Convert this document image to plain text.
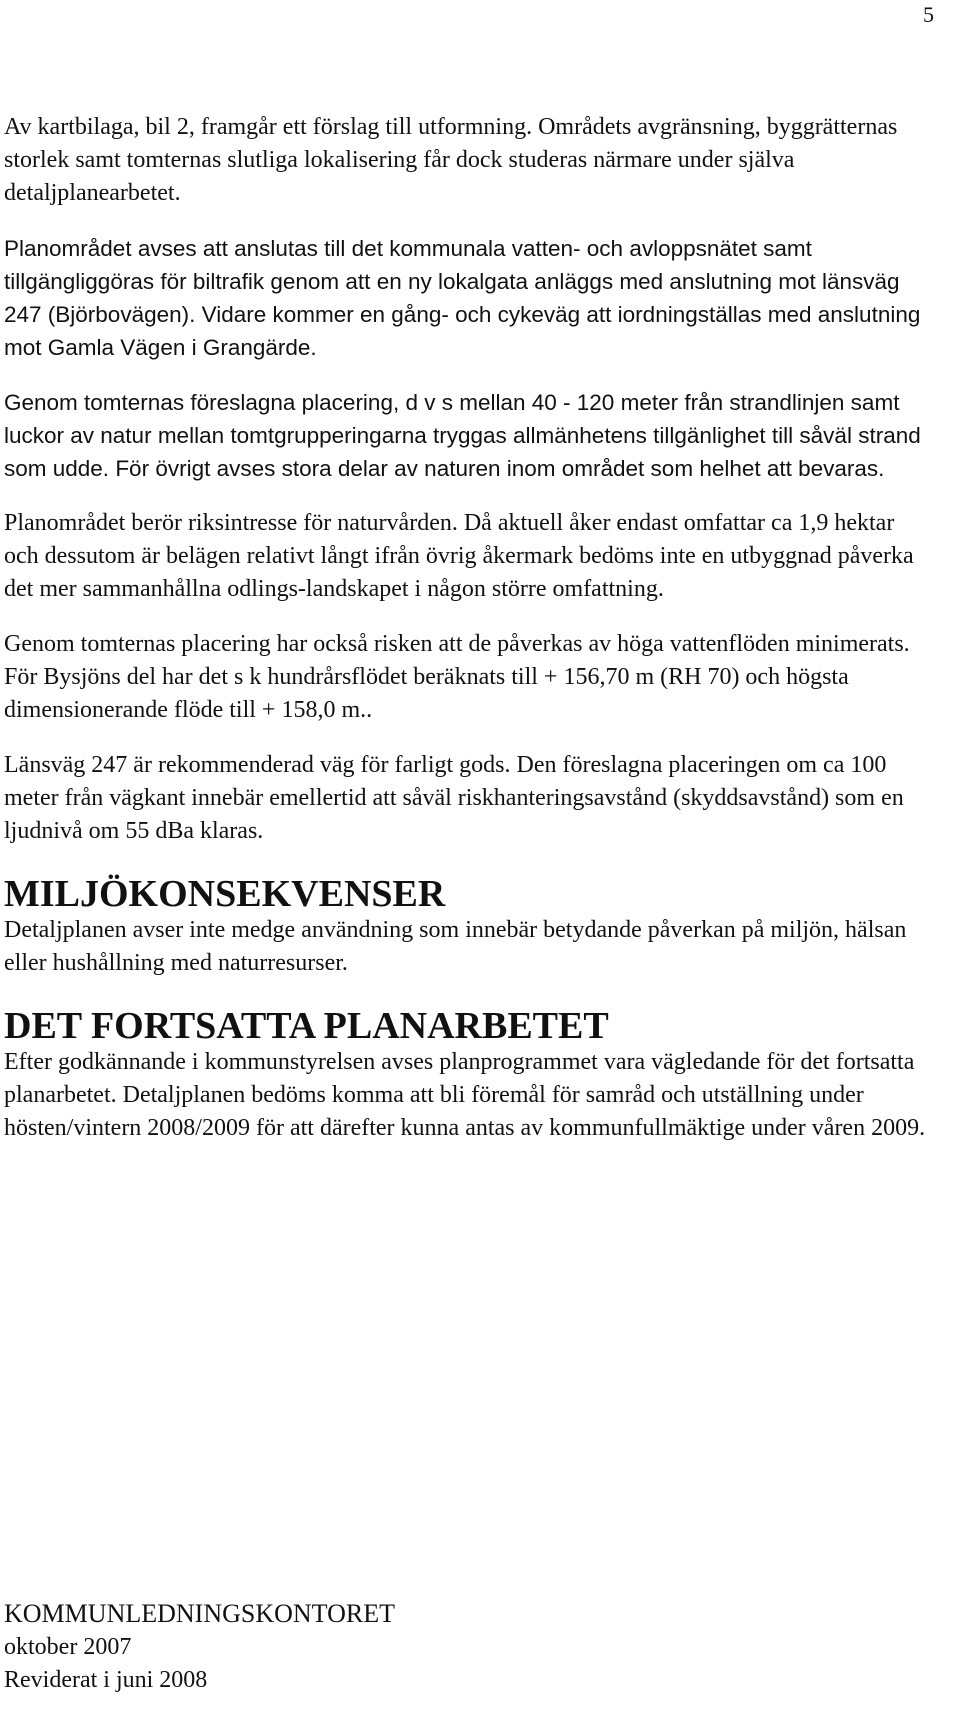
5

Av kartbilaga, bil 2, framgår ett förslag till utformning. Områdets avgränsning, byggrätternas storlek samt tomternas slutliga lokalisering får dock studeras närmare under själva detaljplanearbetet.

Planområdet avses att anslutas till det kommunala vatten- och avloppsnätet samt tillgängliggöras för biltrafik genom att en ny lokalgata anläggs med anslutning mot länsväg 247 (Björbovägen). Vidare kommer en gång- och cykeväg att iordningställas med anslutning mot Gamla Vägen i Grangärde.

Genom tomternas föreslagna placering, d v s mellan 40 - 120 meter från strandlinjen samt luckor av natur mellan tomtgrupperingarna tryggas allmänhetens tillgänlighet till såväl strand som udde. För övrigt avses stora delar av naturen inom området som helhet att bevaras.

Planområdet berör riksintresse för naturvården. Då aktuell åker endast omfattar ca 1,9 hektar och dessutom är belägen relativt långt ifrån övrig åkermark bedöms inte en utbyggnad påverka det mer sammanhållna odlings-landskapet i någon större omfattning.

Genom tomternas placering har också risken att de påverkas av höga vattenflöden minimerats. För Bysjöns del har det s k hundrårsflödet beräknats till + 156,70 m (RH 70) och högsta dimensionerande flöde till + 158,0 m..

Länsväg 247 är rekommenderad väg för farligt gods. Den föreslagna placeringen om ca 100 meter från vägkant innebär emellertid att såväl riskhanteringsavstånd (skyddsavstånd) som en ljudnivå om 55 dBa klaras.

MILJÖKONSEKVENSER

Detaljplanen avser inte medge användning som innebär betydande påverkan på miljön, hälsan eller hushållning med naturresurser.

DET FORTSATTA PLANARBETET

Efter godkännande i kommunstyrelsen avses planprogrammet vara vägledande för det fortsatta planarbetet. Detaljplanen bedöms komma att bli föremål för samråd och utställning under hösten/vintern 2008/2009 för att därefter kunna antas av kommunfullmäktige under våren 2009.

KOMMUNLEDNINGSKONTORET
oktober 2007
Reviderat i juni 2008
